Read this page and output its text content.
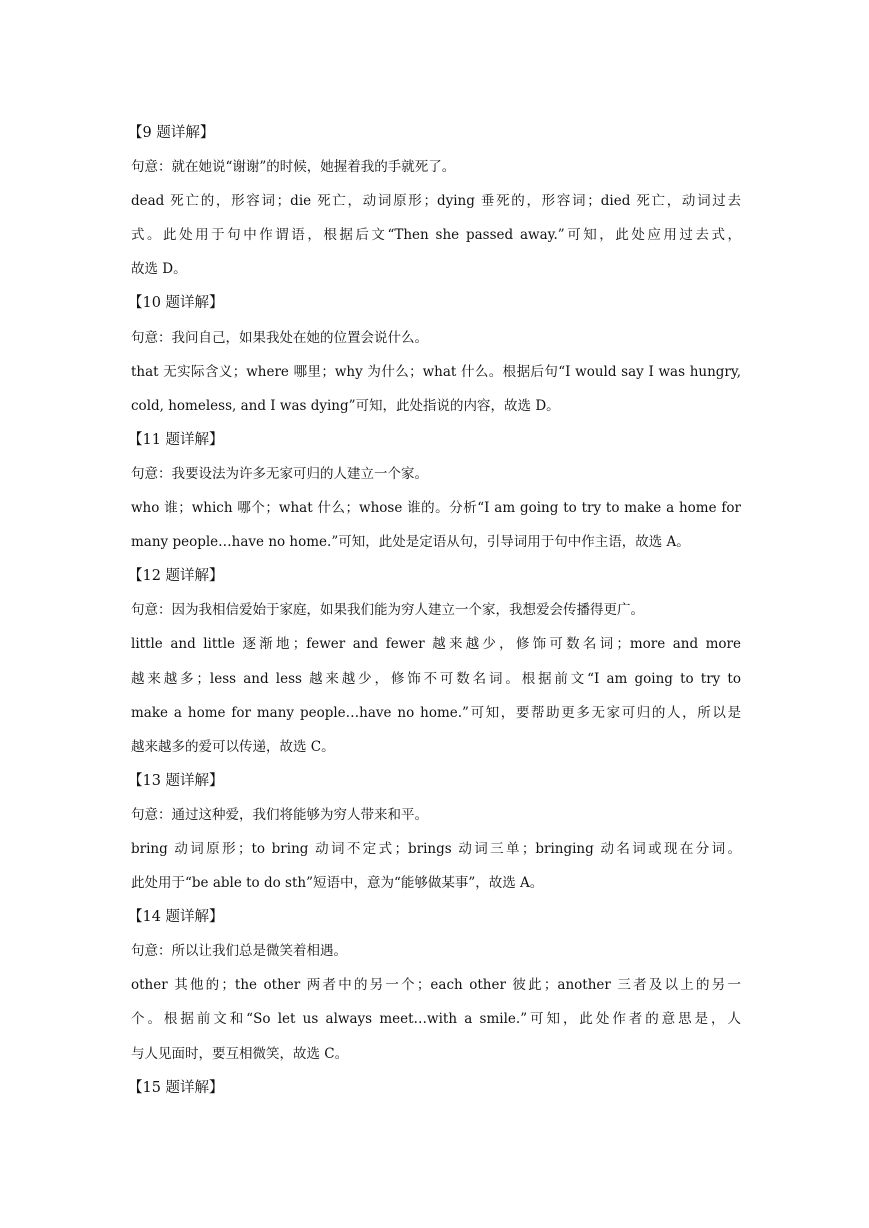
【9 题详解】
句意：就在她说“谢谢”的时候，她握着我的手就死了。
dead 死亡的，形容词；die 死亡，动词原形；dying 垂死的，形容词；died 死亡，动词过去
式。此处用于句中作谓语，根据后文“Then she passed away.”可知，此处应用过去式，
故选 D。
【10 题详解】
句意：我问自己，如果我处在她的位置会说什么。
that 无实际含义；where 哪里；why 为什么；what 什么。根据后句“I would say I was hungry,
cold, homeless, and I was dying”可知，此处指说的内容，故选 D。
【11 题详解】
句意：我要设法为许多无家可归的人建立一个家。
who 谁；which 哪个；what 什么；whose 谁的。分析“I am going to try to make a home for
many people…have no home.”可知，此处是定语从句，引导词用于句中作主语，故选 A。
【12 题详解】
句意：因为我相信爱始于家庭，如果我们能为穷人建立一个家，我想爱会传播得更广。
little and little 逐渐地；fewer and fewer 越来越少，修饰可数名词；more and more
越来越多；less and less 越来越少，修饰不可数名词。根据前文“I am going to try to
make a home for many people…have no home.”可知，要帮助更多无家可归的人，所以是
越来越多的爱可以传递，故选 C。
【13 题详解】
句意：通过这种爱，我们将能够为穷人带来和平。
bring 动词原形；to bring 动词不定式；brings 动词三单；bringing 动名词或现在分词。
此处用于“be able to do sth”短语中，意为“能够做某事”，故选 A。
【14 题详解】
句意：所以让我们总是微笑着相遇。
other 其他的；the other 两者中的另一个；each other 彼此；another 三者及以上的另一
个。根据前文和“So let us always meet…with a smile.”可知，此处作者的意思是，人
与人见面时，要互相微笑，故选 C。
【15 题详解】
